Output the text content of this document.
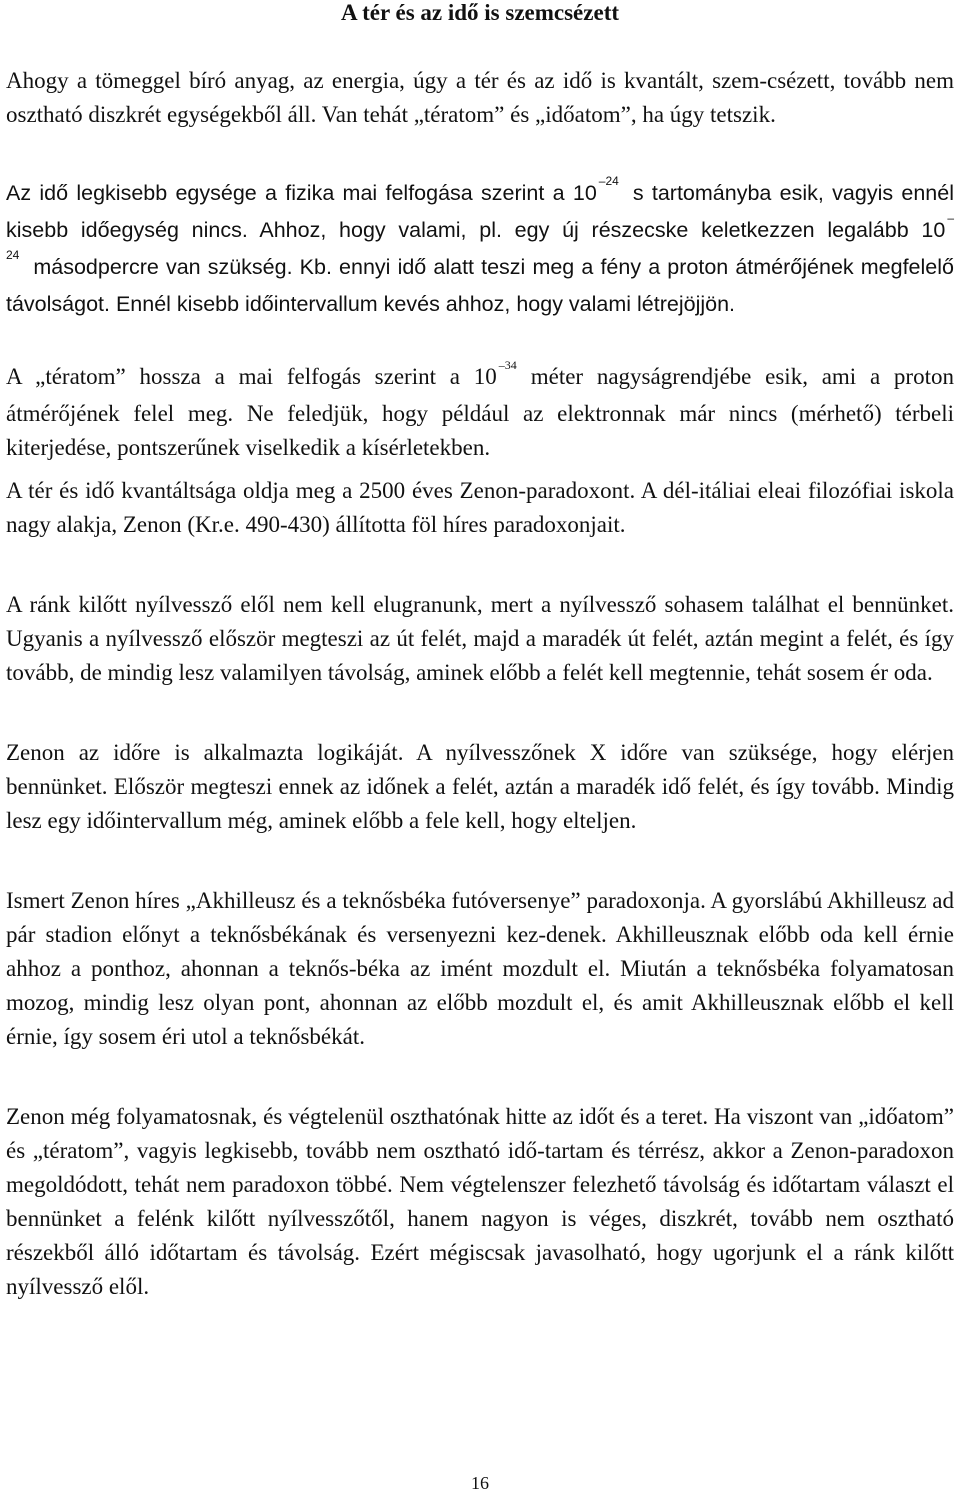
A tér és az idő is szemcsézett

Ahogy a tömeggel bíró anyag, az energia, úgy a tér és az idő is kvantált, szem-csézett, tovább nem osztható diszkrét egységekből áll. Van tehát „tératom” és „időatom”, ha úgy tetszik.

Az idő legkisebb egysége a fizika mai felfogása szerint a 10 $^{-24}$ s tartományba esik, vagyis ennél kisebb időegység nincs. Ahhoz, hogy valami, pl. egy új részecske keletkezzen legalább 10 $^{-24}$ másodpercre van szükség. Kb. ennyi idő alatt teszi meg a fény a proton átmérőjének megfelelő távolságot. Ennél kisebb időintervallum kevés ahhoz, hogy valami létrejöjjön.

A „tératom” hossza a mai felfogás szerint a 10 $^{-34}$ méter nagyságrendjébe esik, ami a proton átmérőjének felel meg. Ne feledjük, hogy például az elektronnak már nincs (mérhető) térbeli kiterjedése, pontszerűnek viselkedik a kísérletekben.

A tér és idő kvantáltsága oldja meg a 2500 éves Zenon-paradoxont. A dél-itáliai eleai filozófiai iskola nagy alakja, Zenon (Kr.e. 490-430) állította föl híres paradoxonjait.

A ránk kilőtt nyílvessző elől nem kell elugranunk, mert a nyílvessző sohasem találhat el bennünket. Ugyanis a nyílvessző először megteszi az út felét, majd a maradék út felét, aztán megint a felét, és így tovább, de mindig lesz valamilyen távolság, aminek előbb a felét kell megtennie, tehát sosem ér oda.

Zenon az időre is alkalmazta logikáját. A nyílvesszőnek X időre van szüksége, hogy elérjen bennünket. Először megteszi ennek az időnek a felét, aztán a maradék idő felét, és így tovább. Mindig lesz egy időintervallum még, aminek előbb a fele kell, hogy elteljen.

Ismert Zenon híres „Akhilleusz és a teknősbéka futóversenye” paradoxonja. A gyorslábú Akhilleusz ad pár stadion előnyt a teknősbékának és versenyezni kez-denek. Akhilleusznak előbb oda kell érnie ahhoz a ponthoz, ahonnan a teknős-béka az imént mozdult el. Miután a teknősbéka folyamatosan mozog, mindig lesz olyan pont, ahonnan az előbb mozdult el, és amit Akhilleusznak előbb el kell érnie, így sosem éri utol a teknősbékát.

Zenon még folyamatosnak, és végtelenül oszthatónak hitte az időt és a teret. Ha viszont van „időatom” és „tératom”, vagyis legkisebb, tovább nem osztható idő-tartam és térrész, akkor a Zenon-paradoxon megoldódott, tehát nem paradoxon többé. Nem végtelenszer felezhető távolság és időtartam választ el bennünket a felénk kilőtt nyílvesszőtől, hanem nagyon is véges, diszkrét, tovább nem osztható részekből álló időtartam és távolság. Ezért mégiscsak javasolható, hogy ugorjunk el a ránk kilőtt nyílvessző elől.

16
